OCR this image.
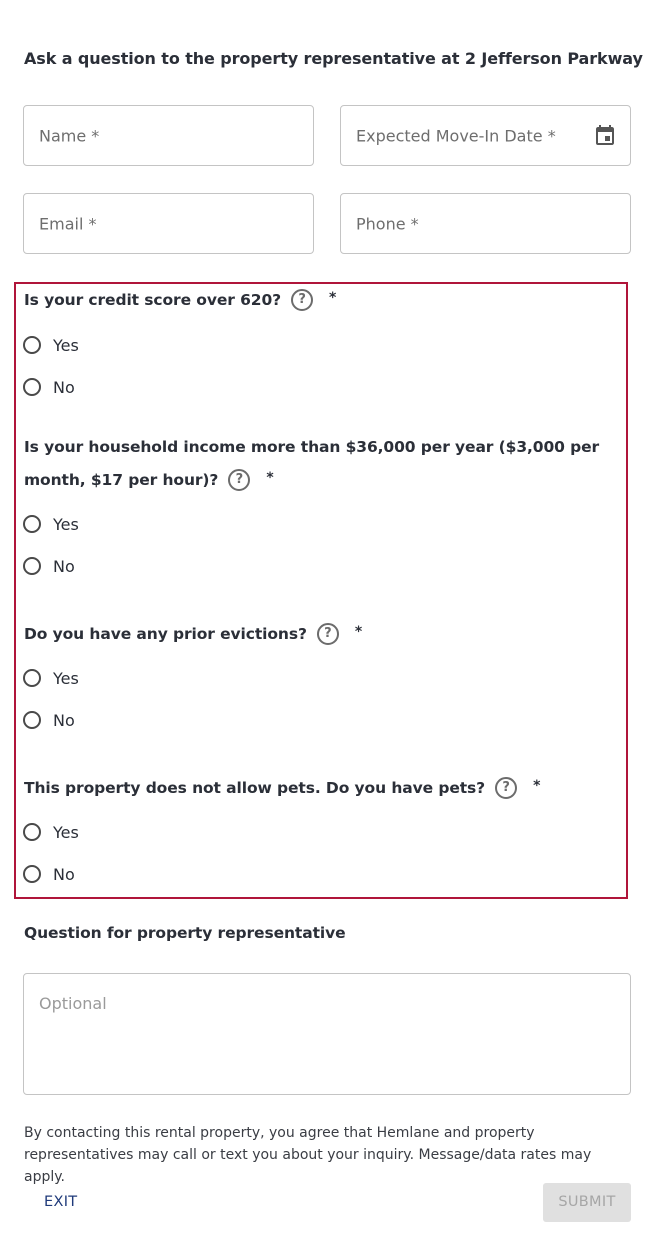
Ask a question to the property representative at 2 Jefferson Parkway
Name *	Expected Move-In Date *
Email *	Phone *
Is your credit score over 620? ? *
Yes
No
Is your household income more than $36,000 per year ($3,000 per month, $17 per hour)? ? *
Yes
No
Do you have any prior evictions? ? *
Yes
No
This property does not allow pets. Do you have pets? ? *
Yes
No
Question for property representative
Optional
By contacting this rental property, you agree that Hemlane and property representatives may call or text you about your inquiry. Message/data rates may apply.
EXIT	SUBMIT
